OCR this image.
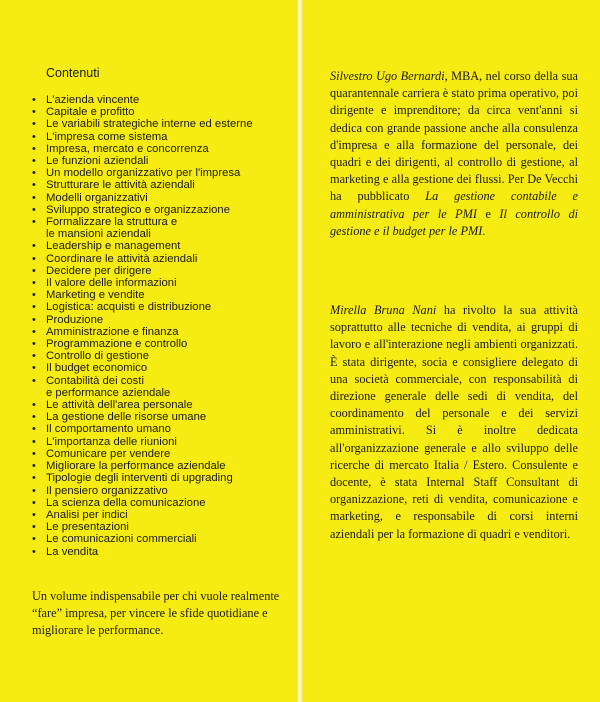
Contenuti
• L'azienda vincente
• Capitale e profitto
• Le variabili strategiche interne ed esterne
• L'impresa come sistema
• Impresa, mercato e concorrenza
• Le funzioni aziendali
• Un modello organizzativo per l'impresa
• Strutturare le attività aziendali
• Modelli organizzativi
• Sviluppo strategico e organizzazione
• Formalizzare la struttura e
le mansioni aziendali
• Leadership e management
• Coordinare le attività aziendali
• Decidere per dirigere
• Il valore delle informazioni
• Marketing e vendite
• Logistica: acquisti e distribuzione
• Produzione
• Amministrazione e finanza
• Programmazione e controllo
• Controllo di gestione
• Il budget economico
• Contabilità dei costi
e performance aziendale
• Le attività dell'area personale
• La gestione delle risorse umane
• Il comportamento umano
• L'importanza delle riunioni
• Comunicare per vendere
• Migliorare la performance aziendale
• Tipologie degli interventi di upgrading
• Il pensiero organizzativo
• La scienza della comunicazione
• Analisi per indici
• Le presentazioni
• Le comunicazioni commerciali
• La vendita
Un volume indispensabile per chi vuole realmente “fare” impresa, per vincere le sfide quotidiane e migliorare le performance.
Silvestro Ugo Bernardi, MBA, nel corso della sua quarantennale carriera è stato prima operativo, poi dirigente e imprenditore; da circa vent'anni si dedica con grande passione anche alla consulenza d'impresa e alla formazione del personale, dei quadri e dei dirigenti, al controllo di gestione, al marketing e alla gestione dei flussi. Per De Vecchi ha pubblicato La gestione contabile e amministrativa per le PMI e Il controllo di gestione e il budget per le PMI.
Mirella Bruna Nani ha rivolto la sua attività soprattutto alle tecniche di vendita, ai gruppi di lavoro e all'interazione negli ambienti organizzati. È stata dirigente, socia e consigliere delegato di una società commerciale, con responsabilità di direzione generale delle sedi di vendita, del coordinamento del personale e dei servizi amministrativi. Si è inoltre dedicata all'organizzazione generale e allo sviluppo delle ricerche di mercato Italia / Estero. Consulente e docente, è stata Internal Staff Consultant di organizzazione, reti di vendita, comunicazione e marketing, e responsabile di corsi interni aziendali per la formazione di quadri e venditori.
